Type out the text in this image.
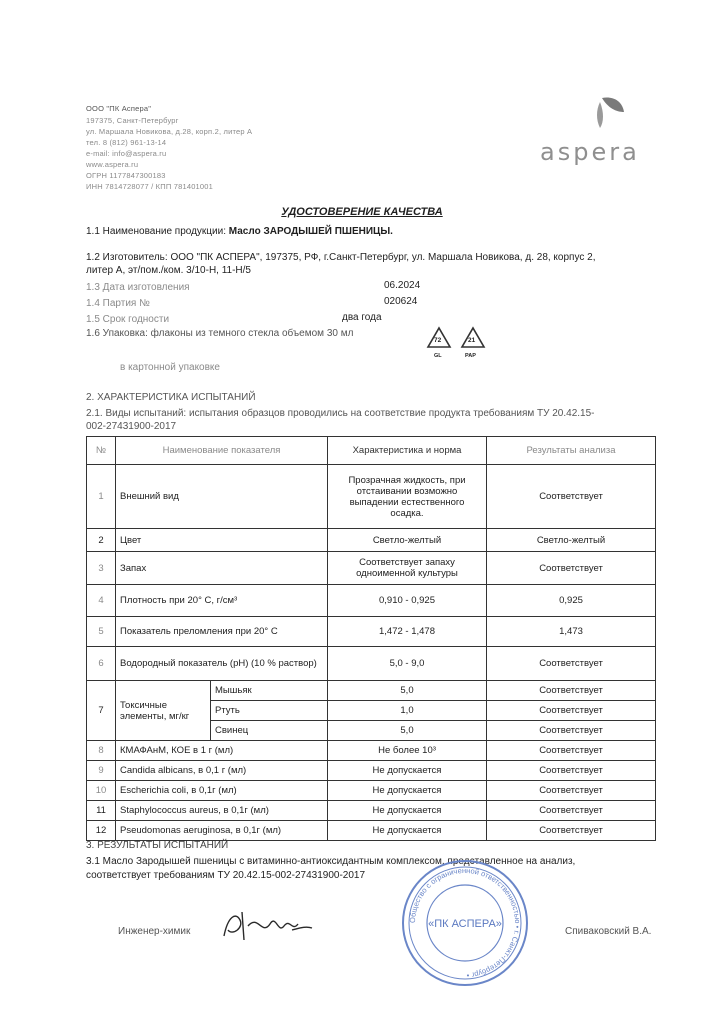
ООО "ПК Аспера"
197375, Санкт-Петербург
ул. Маршала Новикова, д.28, корп.2, литер А
тел. 8 (812) 961-13-14
e-mail: info@aspera.ru
www.aspera.ru
ОГРН 1177847300183
ИНН 7814728077 / КПП 781401001
aspera
УДОСТОВЕРЕНИЕ КАЧЕСТВА
1.1 Наименование продукции: Масло ЗАРОДЫШЕЙ ПШЕНИЦЫ.
1.2 Изготовитель: ООО "ПК АСПЕРА", 197375, РФ, г.Санкт-Петербург, ул. Маршала Новикова, д. 28, корпус 2,
литер А, эт/пом./ком. 3/10-Н, 11-Н/5
1.3 Дата изготовления	06.2024
1.4 Партия №	020624
1.5 Срок годности	два года
1.6 Упаковка: флаконы из темного стекла объемом 30 мл
в картонной упаковке
72
GL
21
PAP
2. ХАРАКТЕРИСТИКА ИСПЫТАНИЙ
2.1. Виды испытаний: испытания образцов проводились на соответствие продукта требованиям ТУ 20.42.15-
002-27431900-2017
№	Наименование показателя		Характеристика и норма	Результаты анализа
1	Внешний вид		Прозрачная жидкость, при отстаивании возможно выпадении естественного осадка.	Соответствует
2	Цвет		Светло-желтый	Светло-желтый
3	Запах		Соответствует запаху одноименной культуры	Соответствует
4	Плотность при 20° С, г/см³		0,910 - 0,925	0,925
5	Показатель преломления при 20° С		1,472 - 1,478	1,473
6	Водородный показатель (pH) (10 % раствор)		5,0 - 9,0	Соответствует
7	Токсичные элементы, мг/кг	Мышьяк	5,0	Соответствует
		Ртуть	1,0	Соответствует
		Свинец	5,0	Соответствует
8	КМАФАнМ, КОЕ в 1 г (мл)		Не более 10³	Соответствует
9	Candida albicans, в 0,1 г (мл)		Не допускается	Соответствует
10	Escherichia coli, в 0,1г (мл)		Не допускается	Соответствует
11	Staphylococcus aureus, в 0,1г (мл)		Не допускается	Соответствует
12	Pseudomonas aeruginosa, в 0,1г (мл)		Не допускается	Соответствует
3. РЕЗУЛЬТАТЫ ИСПЫТАНИЙ
3.1 Масло Зародышей пшеницы с витаминно-антиоксидантным комплексом, представленное на анализ,
соответствует требованиям ТУ 20.42.15-002-27431900-2017
Инженер-химик	Спиваковский В.А.
Общество с ограниченной ответственностью • г. Санкт-Петербург •
«ПК АСПЕРА»
